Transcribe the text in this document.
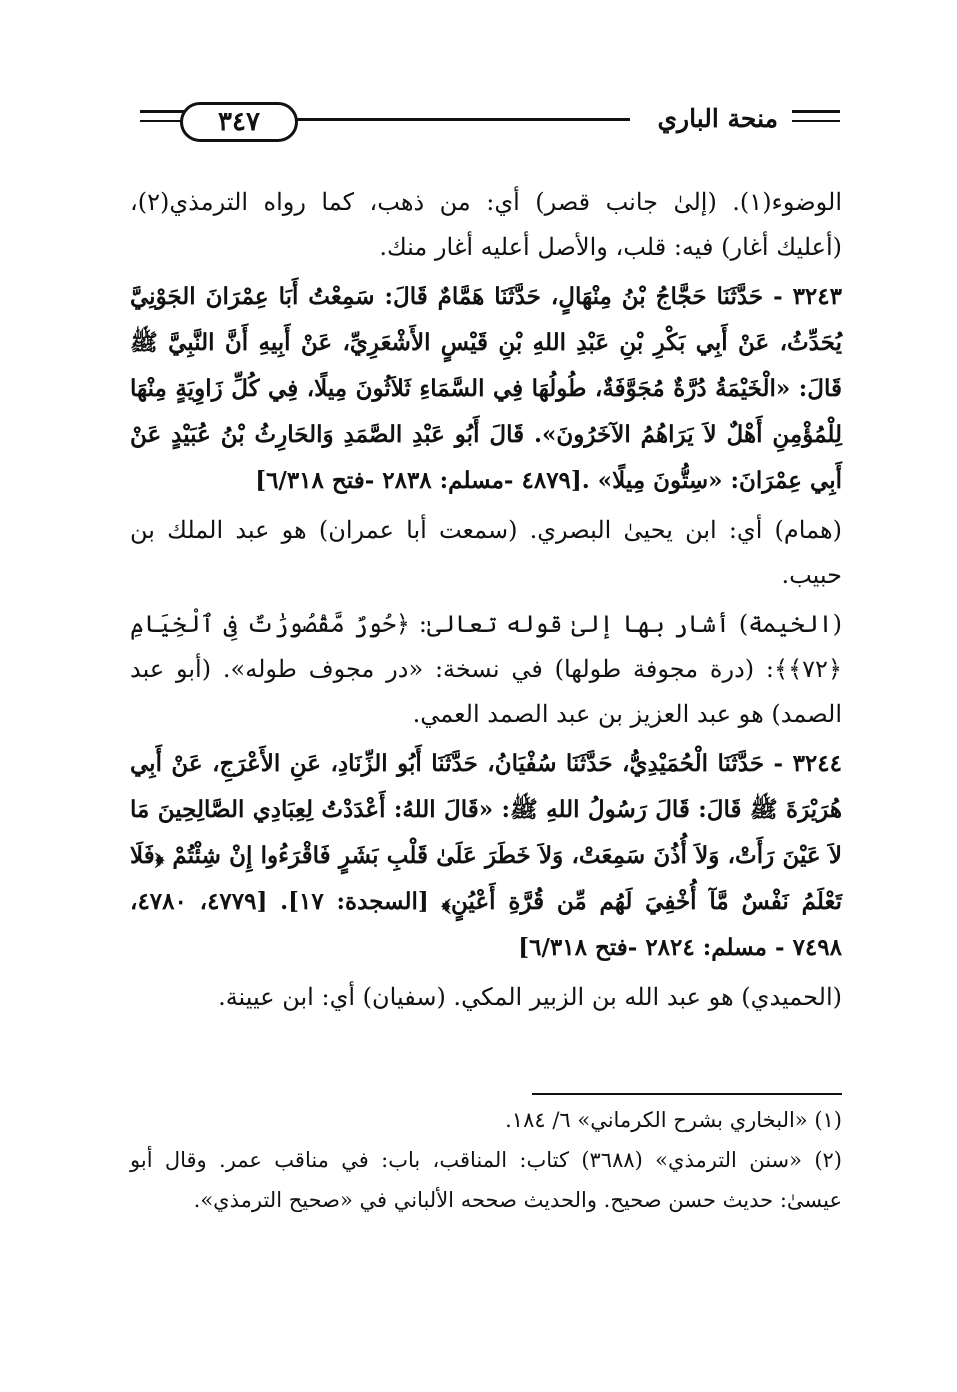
٣٤٧	منحة الباري

الوضوء(١). (إلىٰ جانب قصر) أي: من ذهب، كما رواه الترمذي(٢)، (أعليك أغار) فيه: قلب، والأصل أعليه أغار منك.

٣٢٤٣ - حَدَّثَنَا حَجَّاجُ بْنُ مِنْهَالٍ، حَدَّثَنَا هَمَّامٌ قَالَ: سَمِعْتُ أَبَا عِمْرَانَ الجَوْنِيَّ يُحَدِّثُ، عَنْ أَبِي بَكْرِ بْنِ عَبْدِ اللهِ بْنِ قَيْسٍ الأَشْعَرِيِّ، عَنْ أَبِيهِ أَنَّ النَّبِيَّ ﷺ قَالَ: «الْخَيْمَةُ دُرَّةٌ مُجَوَّفَةٌ، طُولُهَا فِي السَّمَاءِ ثَلاَثُونَ مِيلًا، فِي كُلِّ زَاوِيَةٍ مِنْهَا لِلْمُؤْمِنِ أَهْلٌ لاَ يَرَاهُمُ الآخَرُونَ». قَالَ أَبُو عَبْدِ الصَّمَدِ وَالحَارِثُ بْنُ عُبَيْدٍ عَنْ أَبِي عِمْرَانَ: «سِتُّونَ مِيلًا» .[٤٨٧٩ -مسلم: ٢٨٣٨ -فتح ٦/٣١٨]

(همام) أي: ابن يحيىٰ البصري. (سمعت أبا عمران) هو عبد الملك بن حبيب.

(الخيمة) أشار بها إلىٰ قوله تعالىٰ: ﴿حُورٌ مَّقْصُورَٰتٌ فِى ٱلْخِيَامِ ﴿٧٢﴾﴾: (درة مجوفة طولها) في نسخة: «در مجوف طوله». (أبو عبد الصمد) هو عبد العزيز بن عبد الصمد العمي.

٣٢٤٤ - حَدَّثَنَا الْحُمَيْدِيُّ، حَدَّثَنَا سُفْيَانُ، حَدَّثَنَا أَبُو الزِّنَادِ، عَنِ الأَعْرَجِ، عَنْ أَبِي هُرَيْرَةَ ﷺ قَالَ: قَالَ رَسُولُ اللهِ ﷺ: «قَالَ اللهُ: أَعْدَدْتُ لِعِبَادِي الصَّالِحِينَ مَا لاَ عَيْنَ رَأَتْ، وَلاَ أُذُنَ سَمِعَتْ، وَلاَ خَطَرَ عَلَىٰ قَلْبِ بَشَرٍ فَاقْرَءُوا إِنْ شِئْتُمْ ﴿فَلَا تَعْلَمُ نَفْسٌ مَّآ أُخْفِيَ لَهُم مِّن قُرَّةِ أَعْيُنٍ﴾ [السجدة: ١٧]. [٤٧٧٩، ٤٧٨٠، ٧٤٩٨ - مسلم: ٢٨٢٤ -فتح ٦/٣١٨]

(الحميدي) هو عبد الله بن الزبير المكي. (سفيان) أي: ابن عيينة.

(١) «البخاري بشرح الكرماني» ٦/ ١٨٤.

(٢) «سنن الترمذي» (٣٦٨٨) كتاب: المناقب، باب: في مناقب عمر. وقال أبو عيسىٰ: حديث حسن صحيح. والحديث صححه الألباني في «صحيح الترمذي».
